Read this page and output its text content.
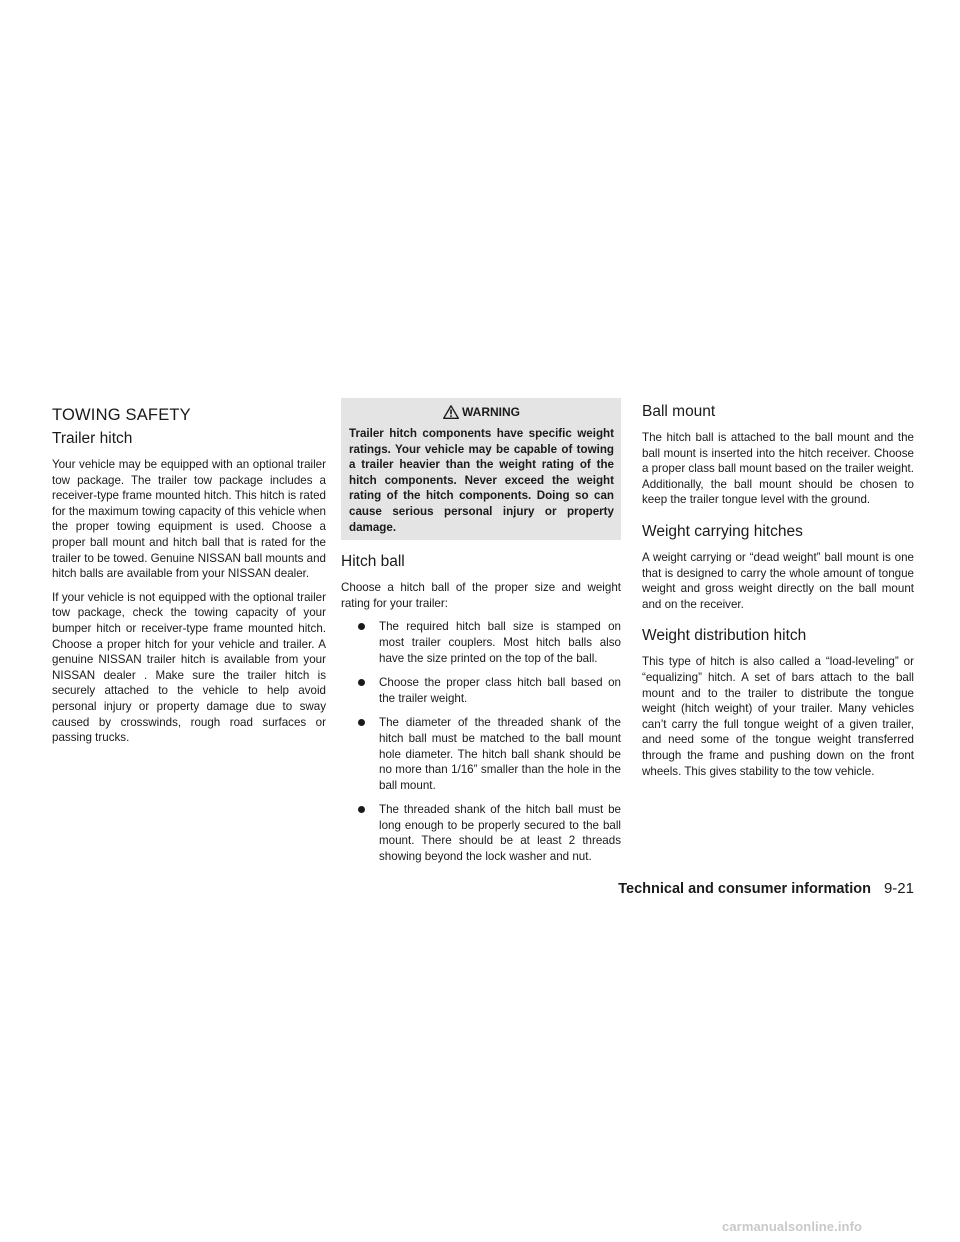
TOWING SAFETY
Trailer hitch

Your vehicle may be equipped with an optional trailer tow package. The trailer tow package includes a receiver-type frame mounted hitch. This hitch is rated for the maximum towing capacity of this vehicle when the proper towing equipment is used. Choose a proper ball mount and hitch ball that is rated for the trailer to be towed. Genuine NISSAN ball mounts and hitch balls are available from your NISSAN dealer.

If your vehicle is not equipped with the optional trailer tow package, check the towing capacity of your bumper hitch or receiver-type frame mounted hitch. Choose a proper hitch for your vehicle and trailer. A genuine NISSAN trailer hitch is available from your NISSAN dealer . Make sure the trailer hitch is securely attached to the vehicle to help avoid personal injury or property damage due to sway caused by crosswinds, rough road surfaces or passing trucks.

WARNING

Trailer hitch components have specific weight ratings. Your vehicle may be capable of towing a trailer heavier than the weight rating of the hitch components. Never exceed the weight rating of the hitch components. Doing so can cause serious personal injury or property damage.

Hitch ball

Choose a hitch ball of the proper size and weight rating for your trailer:

The required hitch ball size is stamped on most trailer couplers. Most hitch balls also have the size printed on the top of the ball.
Choose the proper class hitch ball based on the trailer weight.
The diameter of the threaded shank of the hitch ball must be matched to the ball mount hole diameter. The hitch ball shank should be no more than 1/16” smaller than the hole in the ball mount.
The threaded shank of the hitch ball must be long enough to be properly secured to the ball mount. There should be at least 2 threads showing beyond the lock washer and nut.
Ball mount

The hitch ball is attached to the ball mount and the ball mount is inserted into the hitch receiver. Choose a proper class ball mount based on the trailer weight. Additionally, the ball mount should be chosen to keep the trailer tongue level with the ground.

Weight carrying hitches

A weight carrying or “dead weight” ball mount is one that is designed to carry the whole amount of tongue weight and gross weight directly on the ball mount and on the receiver.

Weight distribution hitch

This type of hitch is also called a “load-leveling” or “equalizing” hitch. A set of bars attach to the ball mount and to the trailer to distribute the tongue weight (hitch weight) of your trailer. Many vehicles can’t carry the full tongue weight of a given trailer, and need some of the tongue weight transferred through the frame and pushing down on the front wheels. This gives stability to the tow vehicle.

Technical and consumer information 9-21
carmanualsonline.info
